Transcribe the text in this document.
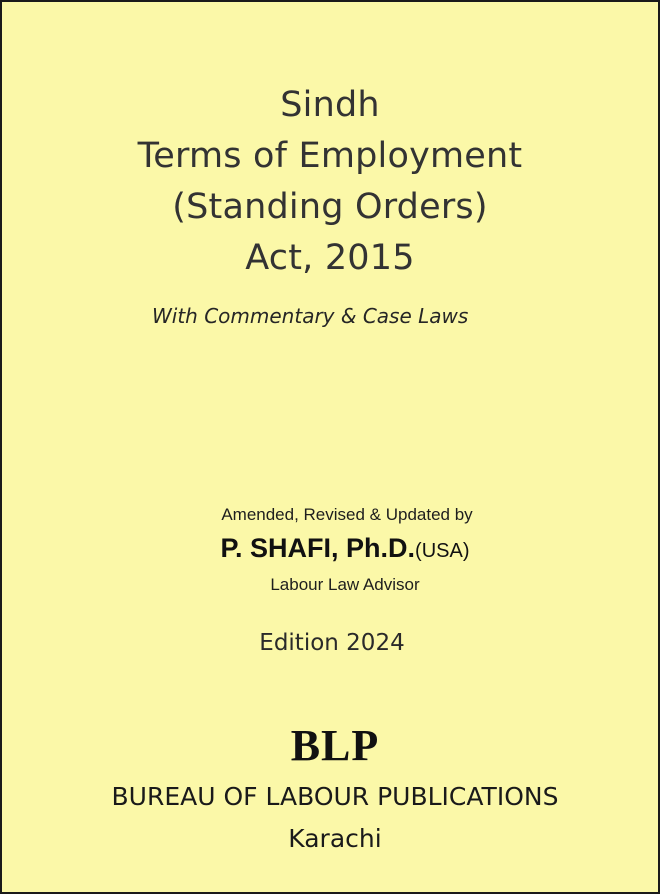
Sindh
Terms of Employment
(Standing Orders)
Act, 2015
With Commentary & Case Laws
Amended, Revised & Updated by
P. SHAFI, Ph.D.(USA)
Labour Law Advisor
Edition 2024
BLP
BUREAU OF LABOUR PUBLICATIONS
Karachi
